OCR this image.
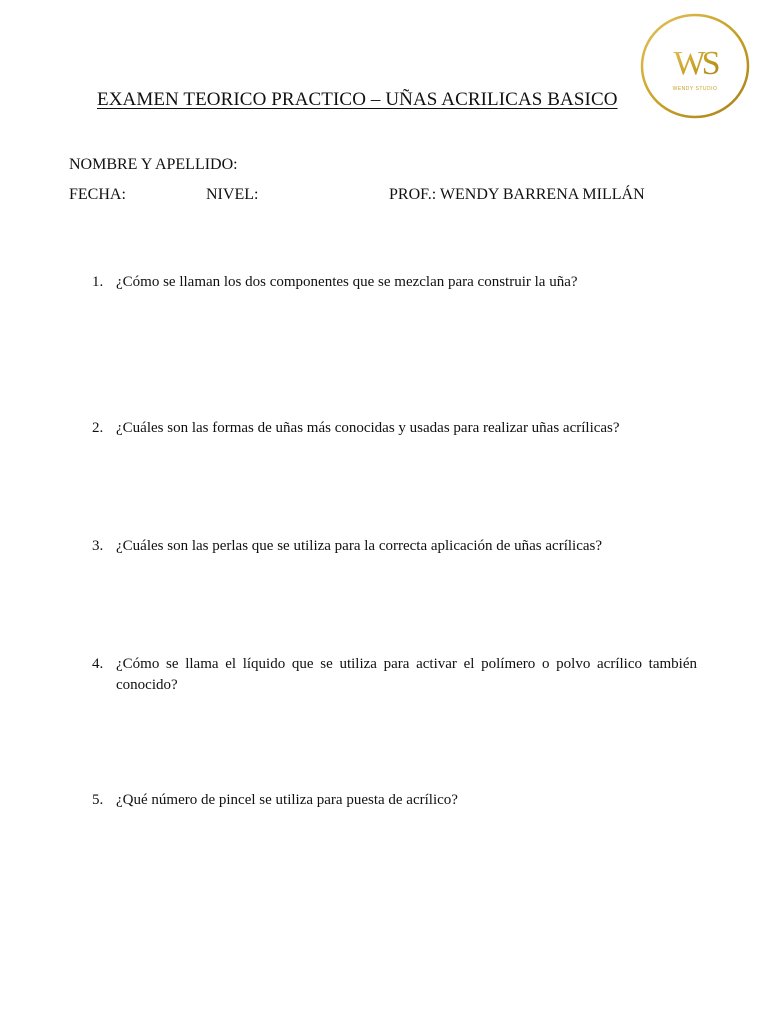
EXAMEN TEORICO PRACTICO – UÑAS ACRILICAS BASICO
WS
WENDY STUDIO
NOMBRE Y APELLIDO:
FECHA:	NIVEL:	PROF.: WENDY BARRENA MILLÁN
1. ¿Cómo se llaman los dos componentes que se mezclan para construir la uña?
2. ¿Cuáles son las formas de uñas más conocidas y usadas para realizar uñas acrílicas?
3. ¿Cuáles son las perlas que se utiliza para la correcta aplicación de uñas acrílicas?
4. ¿Cómo se llama el líquido que se utiliza para activar el polímero o polvo acrílico también conocido?
5. ¿Qué número de pincel se utiliza para puesta de acrílico?
